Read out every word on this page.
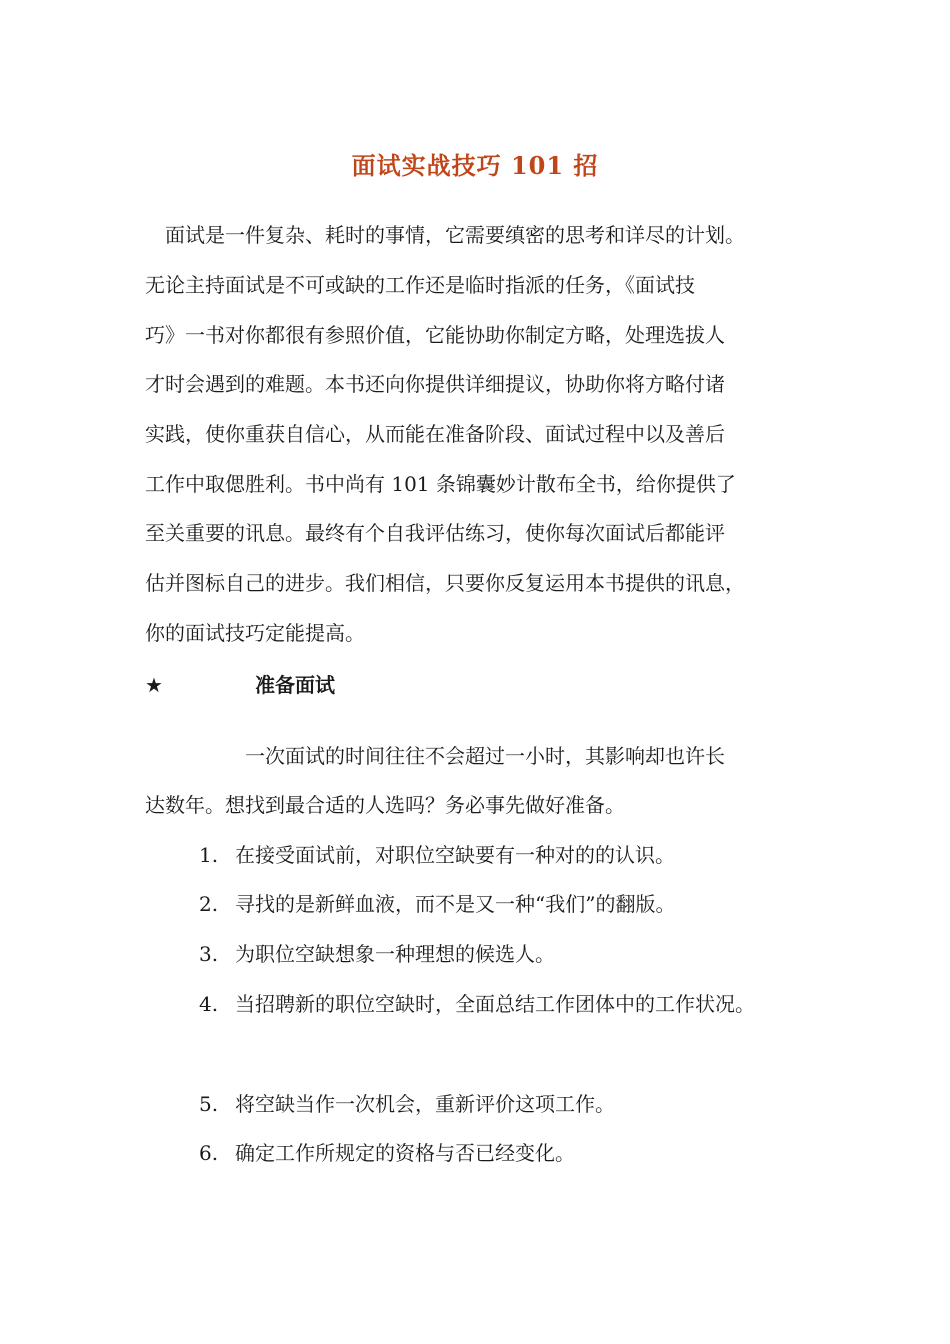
面试实战技巧 101 招
　面试是一件复杂、耗时的事情，它需要缜密的思考和详尽的计划。
无论主持面试是不可或缺的工作还是临时指派的任务，《面试技
巧》一书对你都很有参照价值，它能协助你制定方略，处理选拔人
才时会遇到的难题。本书还向你提供详细提议，协助你将方略付诸
实践，使你重获自信心，从而能在准备阶段、面试过程中以及善后
工作中取偲胜利。书中尚有 101 条锦囊妙计散布全书，给你提供了
至关重要的讯息。最终有个自我评估练习，使你每次面试后都能评
估并图标自己的进步。我们相信，只要你反复运用本书提供的讯息，
你的面试技巧定能提高。
★	准备面试
　　　　　一次面试的时间往往不会超过一小时，其影响却也许长
达数年。想找到最合适的人选吗？务必事先做好准备。
1. 在接受面试前，对职位空缺要有一种对的的认识。
2. 寻找的是新鲜血液，而不是又一种“我们”的翻版。
3. 为职位空缺想象一种理想的候选人。
4. 当招聘新的职位空缺时，全面总结工作团体中的工作状况。
5. 将空缺当作一次机会，重新评价这项工作。
6. 确定工作所规定的资格与否已经变化。
